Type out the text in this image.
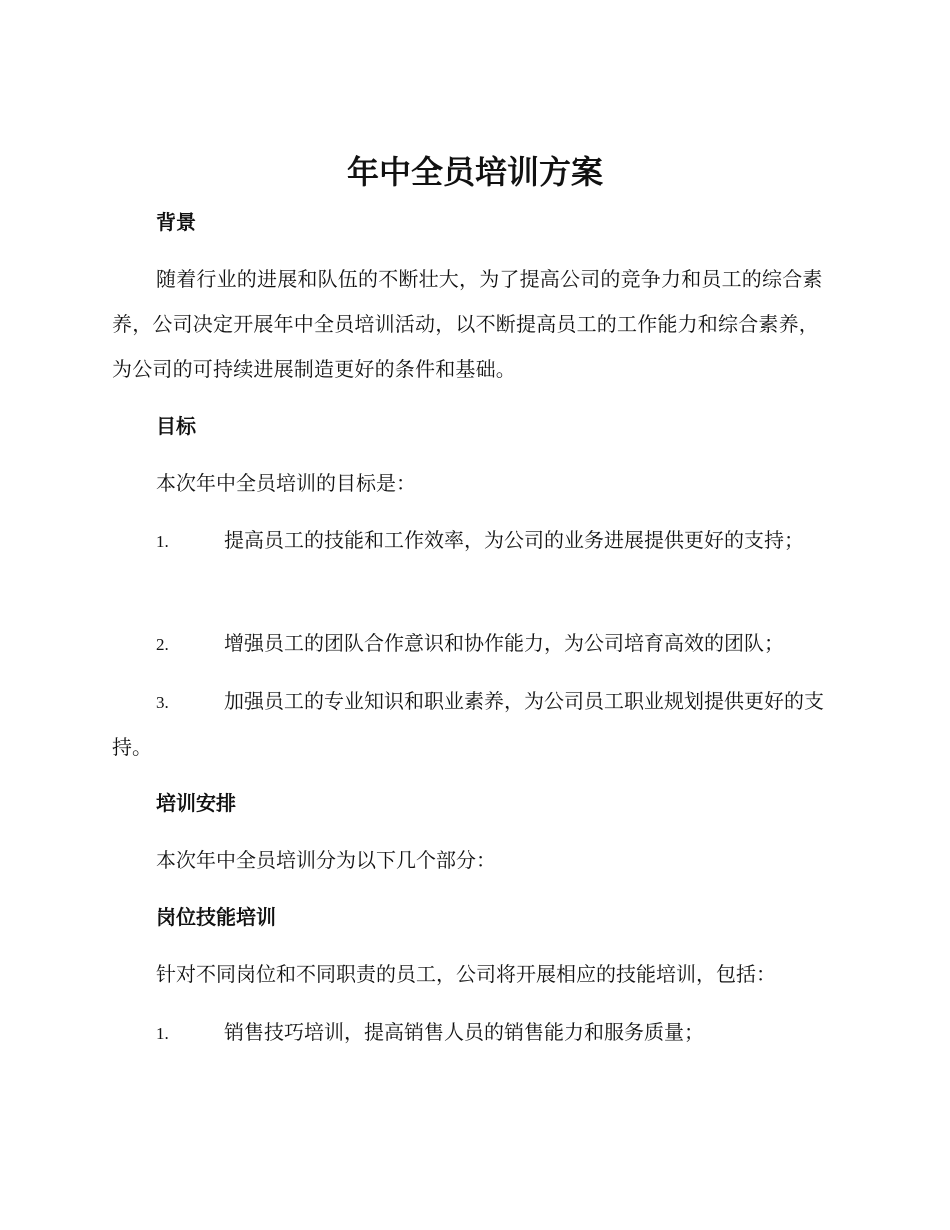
年中全员培训方案
背景

随着行业的进展和队伍的不断壮大，为了提高公司的竞争力和员工的综合素养，公司决定开展年中全员培训活动，以不断提高员工的工作能力和综合素养，为公司的可持续进展制造更好的条件和基础。

目标
本次年中全员培训的目标是：

1.	提高员工的技能和工作效率，为公司的业务进展提供更好的支持；

2.	增强员工的团队合作意识和协作能力，为公司培育高效的团队；

3.	加强员工的专业知识和职业素养，为公司员工职业规划提供更好的支持。

培训安排
本次年中全员培训分为以下几个部分：
岗位技能培训
针对不同岗位和不同职责的员工，公司将开展相应的技能培训，包括：

1.	销售技巧培训，提高销售人员的销售能力和服务质量；
